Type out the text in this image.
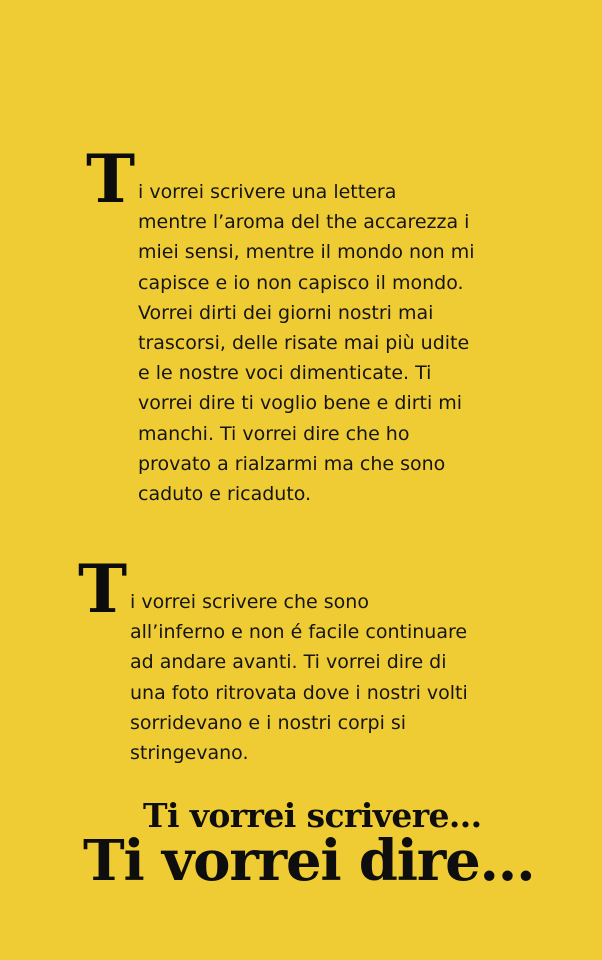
T i vorrei scrivere una lettera
mentre l’aroma del the accarezza i
miei sensi, mentre il mondo non mi
capisce e io non capisco il mondo.
Vorrei dirti dei giorni nostri mai
trascorsi, delle risate mai più udite
e le nostre voci dimenticate. Ti
vorrei dire ti voglio bene e dirti mi
manchi. Ti vorrei dire che ho
provato a rialzarmi ma che sono
caduto e ricaduto.
T i vorrei scrivere che sono
all’inferno e non é facile continuare
ad andare avanti. Ti vorrei dire di
una foto ritrovata dove i nostri volti
sorridevano e i nostri corpi si
stringevano.
Ti vorrei scrivere...
Ti vorrei dire...
